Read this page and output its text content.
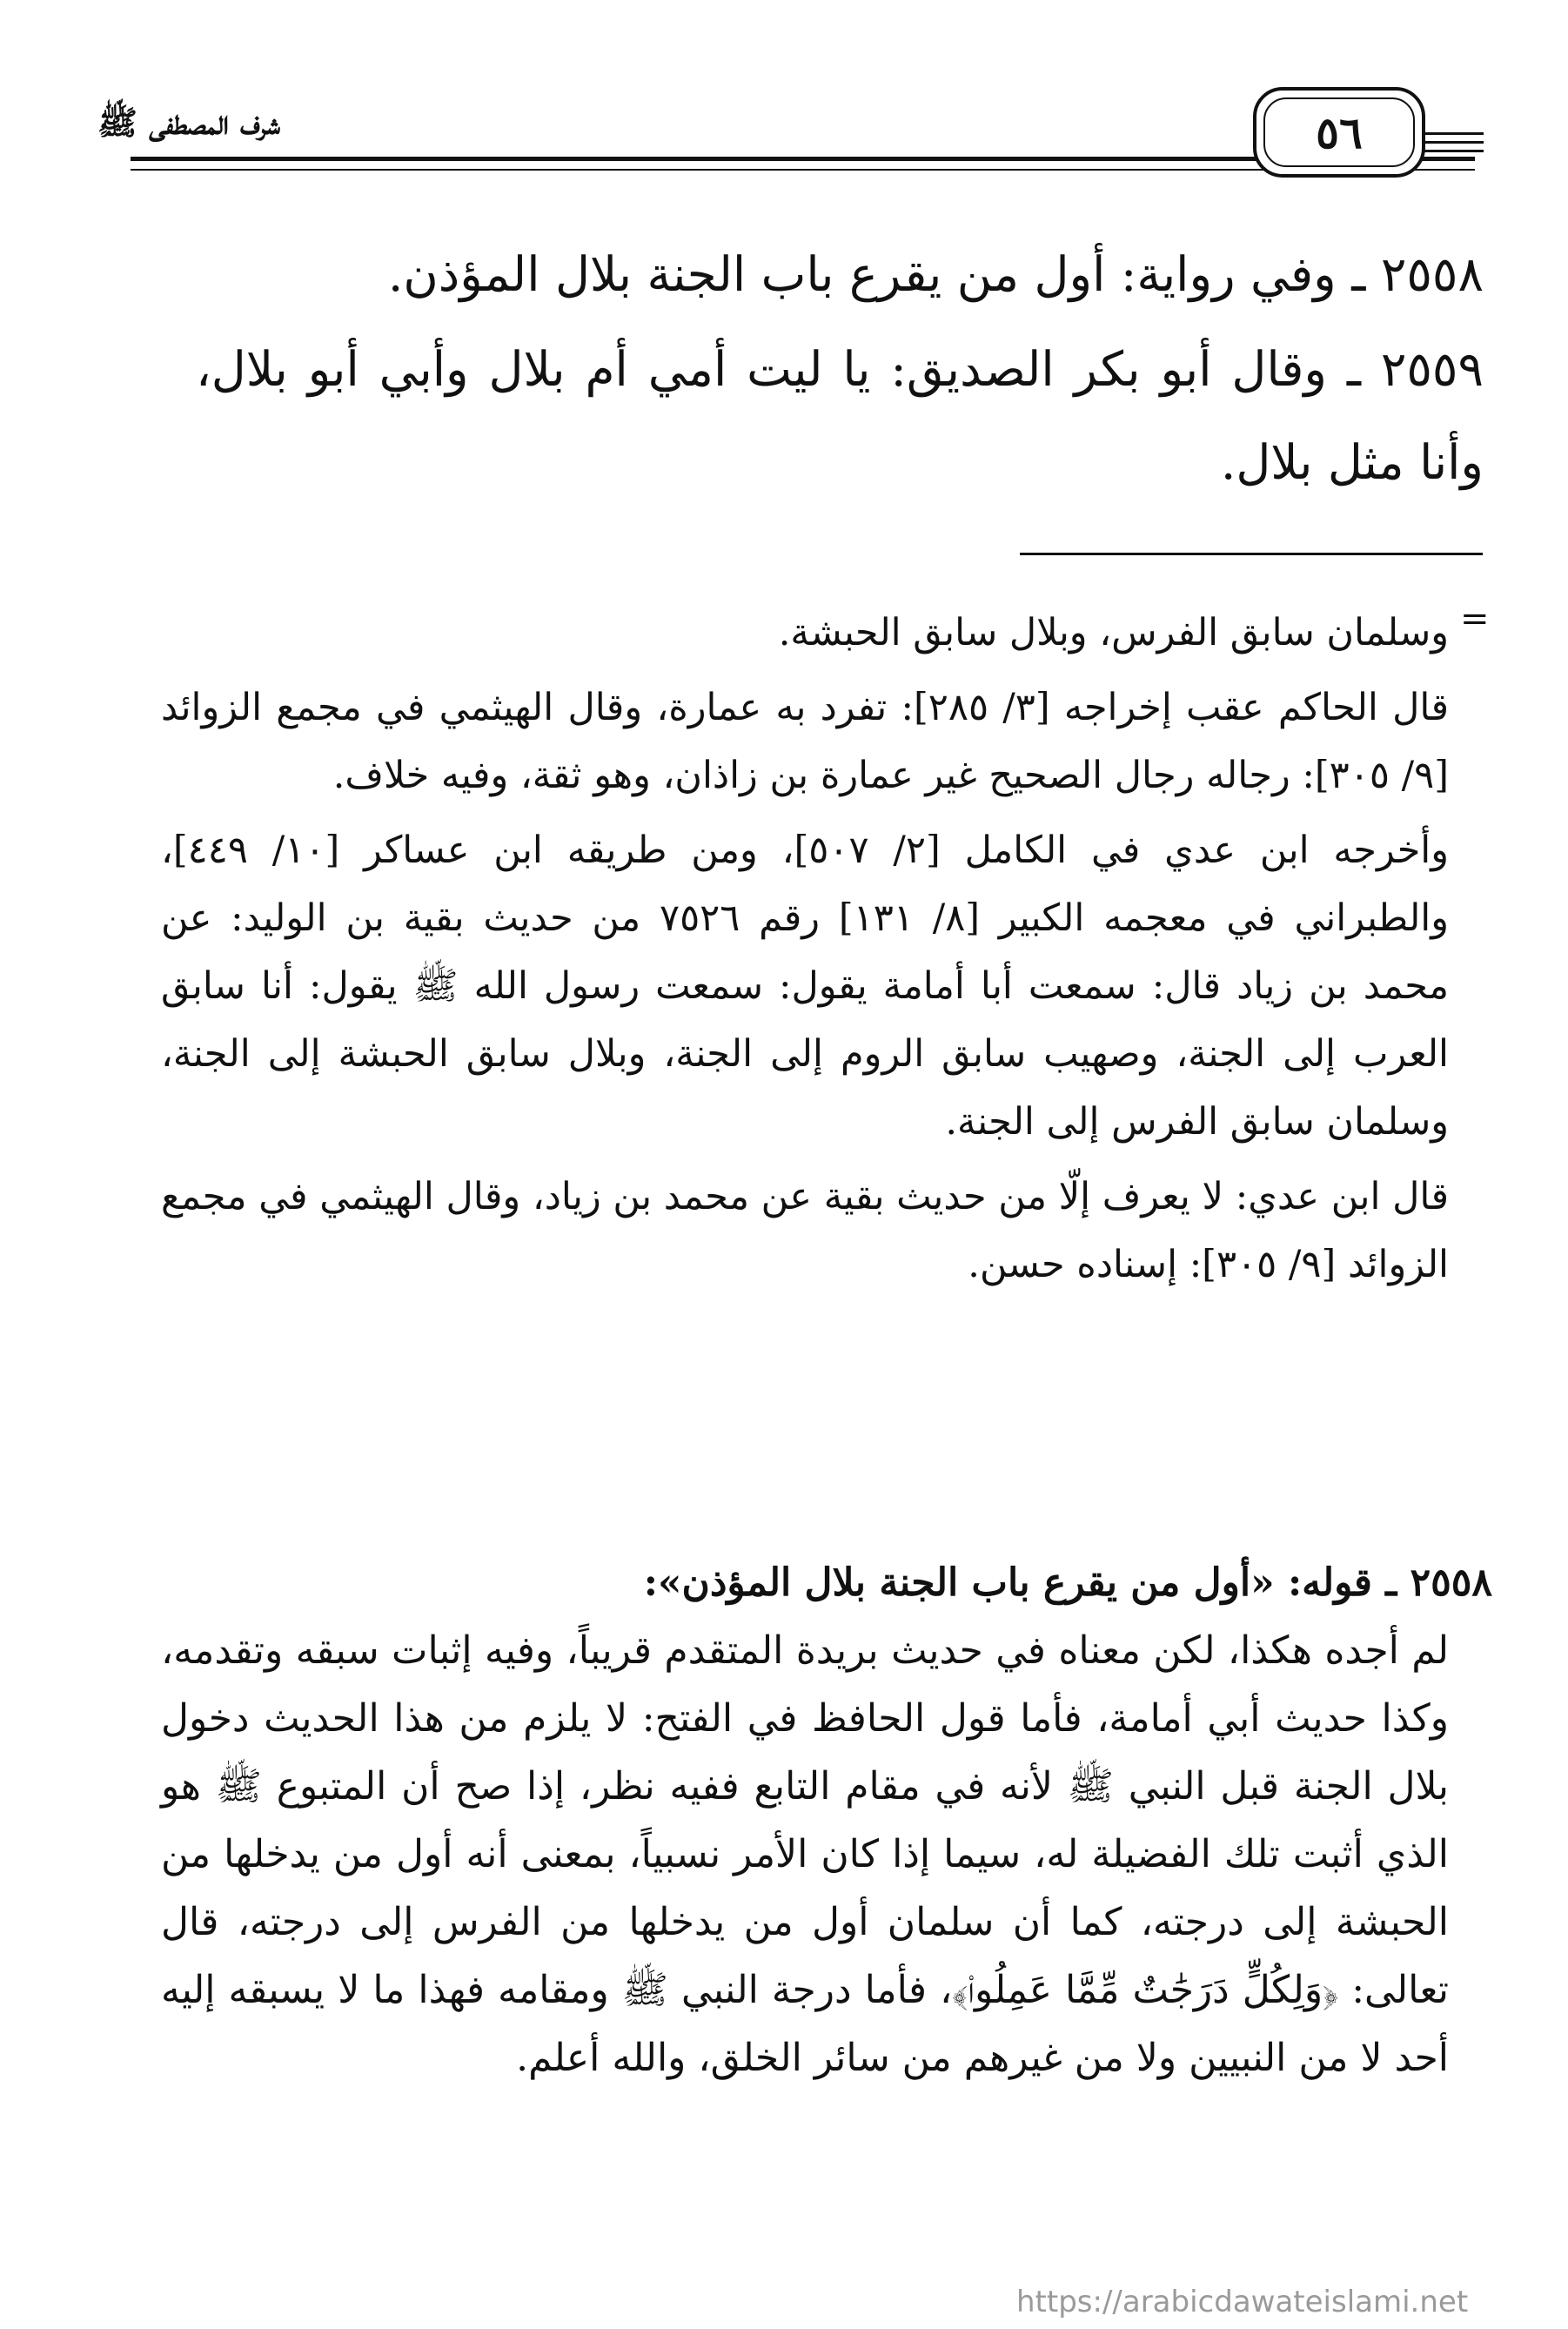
شرف المصطفى ﷺ	٥٦

٢٥٥٨ ـ وفي رواية: أول من يقرع باب الجنة بلال المؤذن.

٢٥٥٩ ـ وقال أبو بكر الصديق: يا ليت أمي أم بلال وأبي أبو بلال، وأنا مثل بلال.

=

وسلمان سابق الفرس، وبلال سابق الحبشة.

قال الحاكم عقب إخراجه [٣/ ٢٨٥]: تفرد به عمارة، وقال الهيثمي في مجمع الزوائد [٩/ ٣٠٥]: رجاله رجال الصحيح غير عمارة بن زاذان، وهو ثقة، وفيه خلاف.

وأخرجه ابن عدي في الكامل [٢/ ٥٠٧]، ومن طريقه ابن عساكر [١٠/ ٤٤٩]، والطبراني في معجمه الكبير [٨/ ١٣١] رقم ٧٥٢٦ من حديث بقية بن الوليد: عن محمد بن زياد قال: سمعت أبا أمامة يقول: سمعت رسول الله ﷺ يقول: أنا سابق العرب إلى الجنة، وصهيب سابق الروم إلى الجنة، وبلال سابق الحبشة إلى الجنة، وسلمان سابق الفرس إلى الجنة.

قال ابن عدي: لا يعرف إلّا من حديث بقية عن محمد بن زياد، وقال الهيثمي في مجمع الزوائد [٩/ ٣٠٥]: إسناده حسن.

٢٥٥٨ ـ قوله: «أول من يقرع باب الجنة بلال المؤذن»:

لم أجده هكذا، لكن معناه في حديث بريدة المتقدم قريباً، وفيه إثبات سبقه وتقدمه، وكذا حديث أبي أمامة، فأما قول الحافظ في الفتح: لا يلزم من هذا الحديث دخول بلال الجنة قبل النبي ﷺ لأنه في مقام التابع ففيه نظر، إذا صح أن المتبوع ﷺ هو الذي أثبت تلك الفضيلة له، سيما إذا كان الأمر نسبياً، بمعنى أنه أول من يدخلها من الحبشة إلى درجته، كما أن سلمان أول من يدخلها من الفرس إلى درجته، قال تعالى: ﴿وَلِكُلٍّ دَرَجَٰتٌ مِّمَّا عَمِلُوا۟﴾، فأما درجة النبي ﷺ ومقامه فهذا ما لا يسبقه إليه أحد لا من النبيين ولا من غيرهم من سائر الخلق، والله أعلم.

https://arabicdawateislami.net
